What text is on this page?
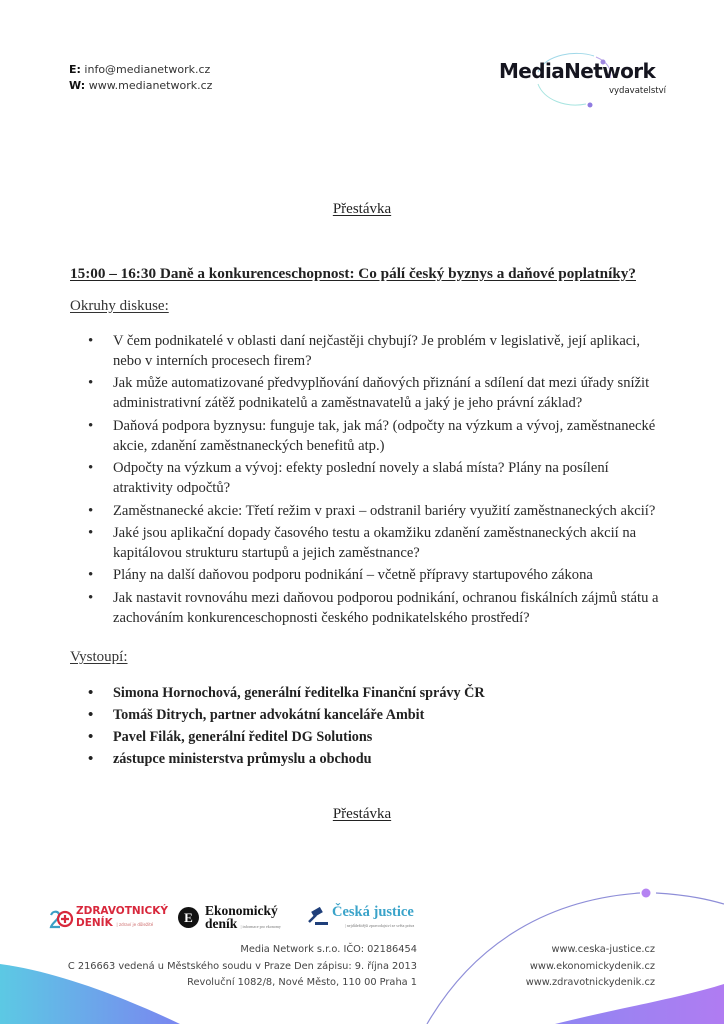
E: info@medianetwork.cz
W: www.medianetwork.cz
MediaNetwork
vydavatelství
Přestávka
15:00 – 16:30 Daně a konkurenceschopnost: Co pálí český byznys a daňové poplatníky?
Okruhy diskuse:
• V čem podnikatelé v oblasti daní nejčastěji chybují? Je problém v legislativě, její aplikaci, nebo v interních procesech firem?
• Jak může automatizované předvyplňování daňových přiznání a sdílení dat mezi úřady snížit administrativní zátěž podnikatelů a zaměstnavatelů a jaký je jeho právní základ?
• Daňová podpora byznysu: funguje tak, jak má? (odpočty na výzkum a vývoj, zaměstnanecké akcie, zdanění zaměstnaneckých benefitů atp.)
• Odpočty na výzkum a vývoj: efekty poslední novely a slabá místa? Plány na posílení atraktivity odpočtů?
• Zaměstnanecké akcie: Třetí režim v praxi – odstranil bariéry využití zaměstnaneckých akcií?
• Jaké jsou aplikační dopady časového testu a okamžiku zdanění zaměstnaneckých akcií na kapitálovou strukturu startupů a jejich zaměstnance?
• Plány na další daňovou podporu podnikání – včetně přípravy startupového zákona
• Jak nastavit rovnováhu mezi daňovou podporou podnikání, ochranou fiskálních zájmů státu a zachováním konkurenceschopnosti českého podnikatelského prostředí?
Vystoupí:
• Simona Hornochová, generální ředitelka Finanční správy ČR
• Tomáš Ditrych, partner advokátní kanceláře Ambit
• Pavel Filák, generální ředitel DG Solutions
• zástupce ministerstva průmyslu a obchodu
Přestávka
ZDRAVOTNICKÝ
DENÍK | zdraví je důležité	E Ekonomický
deník | informace pro ekonomy
Česká justice
| nejdůležitější zpravodajství ze světa práva
Media Network s.r.o. IČO: 02186454
C 216663 vedená u Městského soudu v Praze Den zápisu: 9. října 2013
Revoluční 1082/8, Nové Město, 110 00 Praha 1
www.ceska-justice.cz
www.ekonomickydenik.cz
www.zdravotnickydenik.cz
